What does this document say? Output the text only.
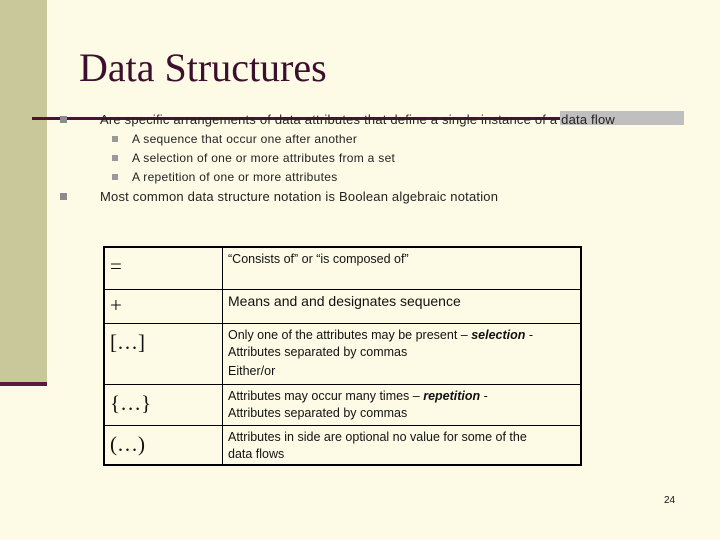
Data Structures
Are specific arrangements of data attributes that define a single instance of a data flow
A sequence that occur one after another
A selection of one or more attributes from a set
A repetition of one or more attributes
Most common data structure notation is Boolean algebraic notation
=	“Consists of” or “is composed of”

+	Means and and designates sequence

[…]	Only one of the attributes may be present – selection -
Attributes separated by commas
Either/or

{…}	Attributes may occur many times – repetition -
Attributes separated by commas

(…)	Attributes in side are optional no value for some of the
data flows
24
